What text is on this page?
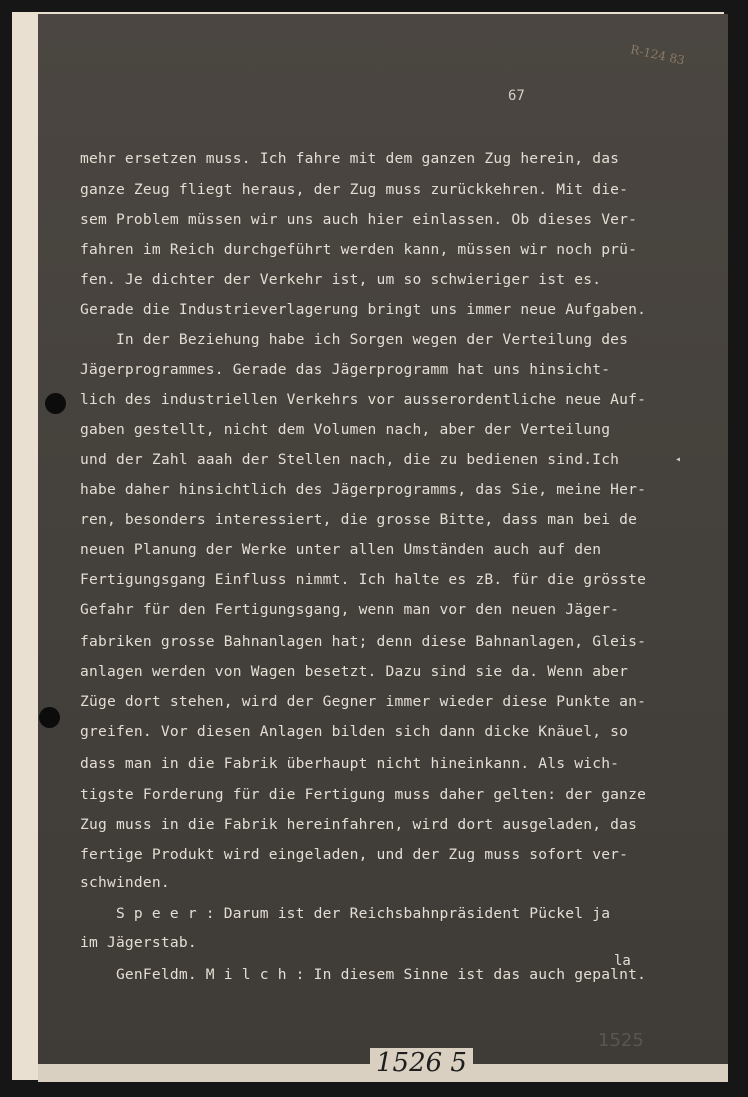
R-124 83
67
mehr ersetzen muss. Ich fahre mit dem ganzen Zug herein, das
ganze Zeug fliegt heraus, der Zug muss zurückkehren. Mit die-
sem Problem müssen wir uns auch hier einlassen. Ob dieses Ver-
fahren im Reich durchgeführt werden kann, müssen wir noch prü-
fen. Je dichter der Verkehr ist, um so schwieriger ist es.
Gerade die Industrieverlagerung bringt uns immer neue Aufgaben.
In der Beziehung habe ich Sorgen wegen der Verteilung des
Jägerprogrammes. Gerade das Jägerprogramm hat uns hinsicht-
lich des industriellen Verkehrs vor ausserordentliche neue Auf-
gaben gestellt, nicht dem Volumen nach, aber der Verteilung
und der Zahl aaah der Stellen nach, die zu bedienen sind.Ich
habe daher hinsichtlich des Jägerprogramms, das Sie, meine Her-
ren, besonders interessiert, die grosse Bitte, dass man bei de
neuen Planung der Werke unter allen Umständen auch auf den
Fertigungsgang Einfluss nimmt. Ich halte es zB. für die grösste
Gefahr für den Fertigungsgang, wenn man vor den neuen Jäger-
fabriken grosse Bahnanlagen hat; denn diese Bahnanlagen, Gleis-
anlagen werden von Wagen besetzt. Dazu sind sie da. Wenn aber
Züge dort stehen, wird der Gegner immer wieder diese Punkte an-
greifen. Vor diesen Anlagen bilden sich dann dicke Knäuel, so
dass man in die Fabrik überhaupt nicht hineinkann. Als wich-
tigste Forderung für die Fertigung muss daher gelten: der ganze
Zug muss in die Fabrik hereinfahren, wird dort ausgeladen, das
fertige Produkt wird eingeladen, und der Zug muss sofort ver-
schwinden.
S p e e r : Darum ist der Reichsbahnpräsident Pückel ja
im Jägerstab.
GenFeldm. M i l c h : In diesem Sinne ist das auch gepalnt.
la
◂
1525
1526 5
